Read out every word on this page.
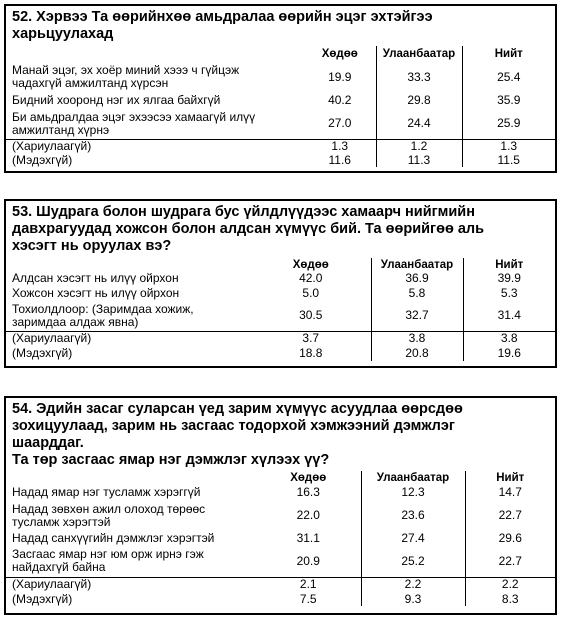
52. Хэрвээ Та өөрийнхөө амьдралаа өөрийн эцэг эхтэйгээ
харьцуулахад
	Хөдөө	Улаанбаатар	Нийт
Манай эцэг, эх хоёр миний хэээ ч гүйцэж
чадахгүй амжилтанд хүрсэн	19.9	33.3	25.4
Бидний хооронд нэг их ялгаа байхгүй	40.2	29.8	35.9
Би амьдралдаа эцэг эхээсээ хамаагүй илүү
амжилтанд хүрнэ	27.0	24.4	25.9
(Хариулаагүй)	1.3	1.2	1.3
(Мэдэхгүй)	11.6	11.3	11.5
53. Шудрага болон шудрага бус үйлдлүүдээс хамаарч нийгмийн
давхрагуудад хожсон болон алдсан хүмүүс бий. Та өөрийгөө аль
хэсэгт нь оруулах вэ?
	Хөдөө	Улаанбаатар	Нийт
Алдсан хэсэгт нь илүү ойрхон	42.0	36.9	39.9
Хожсон хэсэгт нь илүү ойрхон	5.0	5.8	5.3
Тохиолдлоор: (Заримдаа хожиж,
заримдаа алдаж явна)	30.5	32.7	31.4
(Хариулаагүй)	3.7	3.8	3.8
(Мэдэхгүй)	18.8	20.8	19.6
54. Эдийн засаг суларсан үед зарим хүмүүс асуудлаа өөрсдөө
зохицуулаад, зарим нь засгаас тодорхой хэмжээний дэмжлэг
шаарддаг.
Та төр засгаас ямар нэг дэмжлэг хүлээх үү?
	Хөдөө	Улаанбаатар	Нийт
Надад ямар нэг тусламж хэрэггүй	16.3	12.3	14.7
Надад зөвхөн ажил олоход төрөөс
тусламж хэрэгтэй	22.0	23.6	22.7
Надад санхүүгийн дэмжлэг хэрэгтэй	31.1	27.4	29.6
Засгаас ямар нэг юм орж ирнэ гэж
найдахгүй байна	20.9	25.2	22.7
(Хариулаагүй)	2.1	2.2	2.2
(Мэдэхгүй)	7.5	9.3	8.3
